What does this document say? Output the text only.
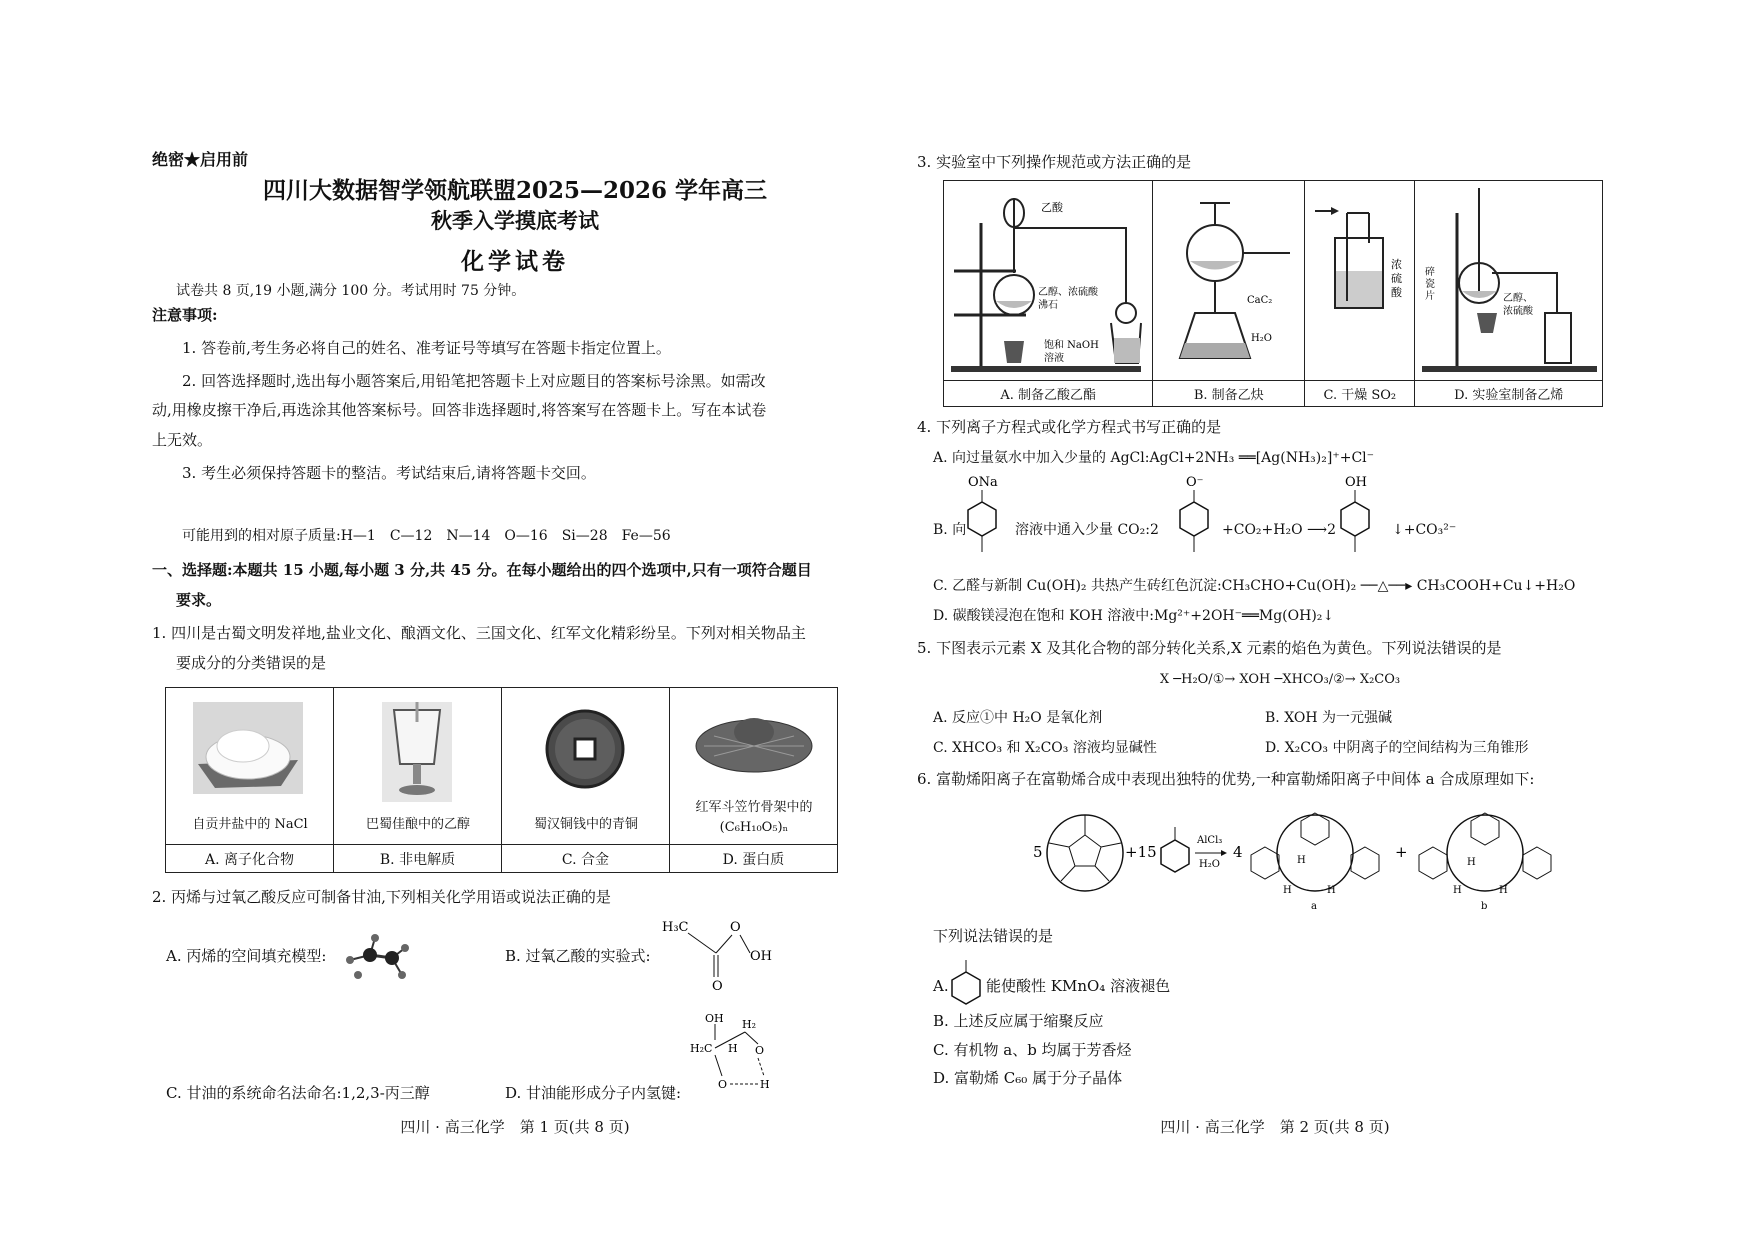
绝密★启用前
四川大数据智学领航联盟2025—2026 学年高三
秋季入学摸底考试
化学试卷
试卷共 8 页,19 小题,满分 100 分。考试用时 75 分钟。
注意事项:
1. 答卷前,考生务必将自己的姓名、准考证号等填写在答题卡指定位置上。
2. 回答选择题时,选出每小题答案后,用铅笔把答题卡上对应题目的答案标号涂黑。如需改
动,用橡皮擦干净后,再选涂其他答案标号。回答非选择题时,将答案写在答题卡上。写在本试卷
上无效。
3. 考生必须保持答题卡的整洁。考试结束后,请将答题卡交回。
可能用到的相对原子质量:H—1　C—12　N—14　O—16　Si—28　Fe—56
一、选择题:本题共 15 小题,每小题 3 分,共 45 分。在每小题给出的四个选项中,只有一项符合题目
要求。
1. 四川是古蜀文明发祥地,盐业文化、酿酒文化、三国文化、红军文化精彩纷呈。下列对相关物品主
要成分的分类错误的是
自贡井盐中的 NaCl	巴蜀佳酿中的乙醇	蜀汉铜钱中的青铜	红军斗笠竹骨架中的
(C₆H₁₀O₅)ₙ

A. 离子化合物	B. 非电解质	C. 合金	D. 蛋白质
2. 丙烯与过氧乙酸反应可制备甘油,下列相关化学用语或说法正确的是
A. 丙烯的空间填充模型:	B. 过氧乙酸的实验式:
H₃C	O
OH
O
C. 甘油的系统命名法命名:1,2,3-丙三醇	D. 甘油能形成分子内氢键:
OH H₂
H₂C H O
O	H
四川 · 高三化学　第 1 页(共 8 页)
3. 实验室中下列操作规范或方法正确的是
乙酸
乙醇、浓硫酸
沸石
饱和 NaOH
溶液	CaC₂
H₂O	浓
硫
酸	碎
瓷
片 乙醇、
浓硫酸

A. 制备乙酸乙酯	B. 制备乙炔	C. 干燥 SO₂	D. 实验室制备乙烯
4. 下列离子方程式或化学方程式书写正确的是
A. 向过量氨水中加入少量的 AgCl:AgCl+2NH₃ ══[Ag(NH₃)₂]⁺+Cl⁻
B. 向
ONa
溶液中通入少量 CO₂:2
O⁻
+CO₂+H₂O ⟶2
OH
↓+CO₃²⁻
C. 乙醛与新制 Cu(OH)₂ 共热产生砖红色沉淀:CH₃CHO+Cu(OH)₂ ──△──▸ CH₃COOH+Cu↓+H₂O
D. 碳酸镁浸泡在饱和 KOH 溶液中:Mg²⁺+2OH⁻══Mg(OH)₂↓
5. 下图表示元素 X 及其化合物的部分转化关系,X 元素的焰色为黄色。下列说法错误的是
X ─H₂O/①→ XOH ─XHCO₃/②→ X₂CO₃
A. 反应①中 H₂O 是氧化剂	B. XOH 为一元强碱
C. XHCO₃ 和 X₂CO₃ 溶液均显碱性	D. X₂CO₃ 中阴离子的空间结构为三角锥形
6. 富勒烯阳离子在富勒烯合成中表现出独特的优势,一种富勒烯阳离子中间体 a 合成原理如下:
5	+15
AlCl₃
H₂O
4	H
H	H
a
+
H
H	H
b
下列说法错误的是
A. 能使酸性 KMnO₄ 溶液褪色
B. 上述反应属于缩聚反应
C. 有机物 a、b 均属于芳香烃
D. 富勒烯 C₆₀ 属于分子晶体
四川 · 高三化学　第 2 页(共 8 页)
